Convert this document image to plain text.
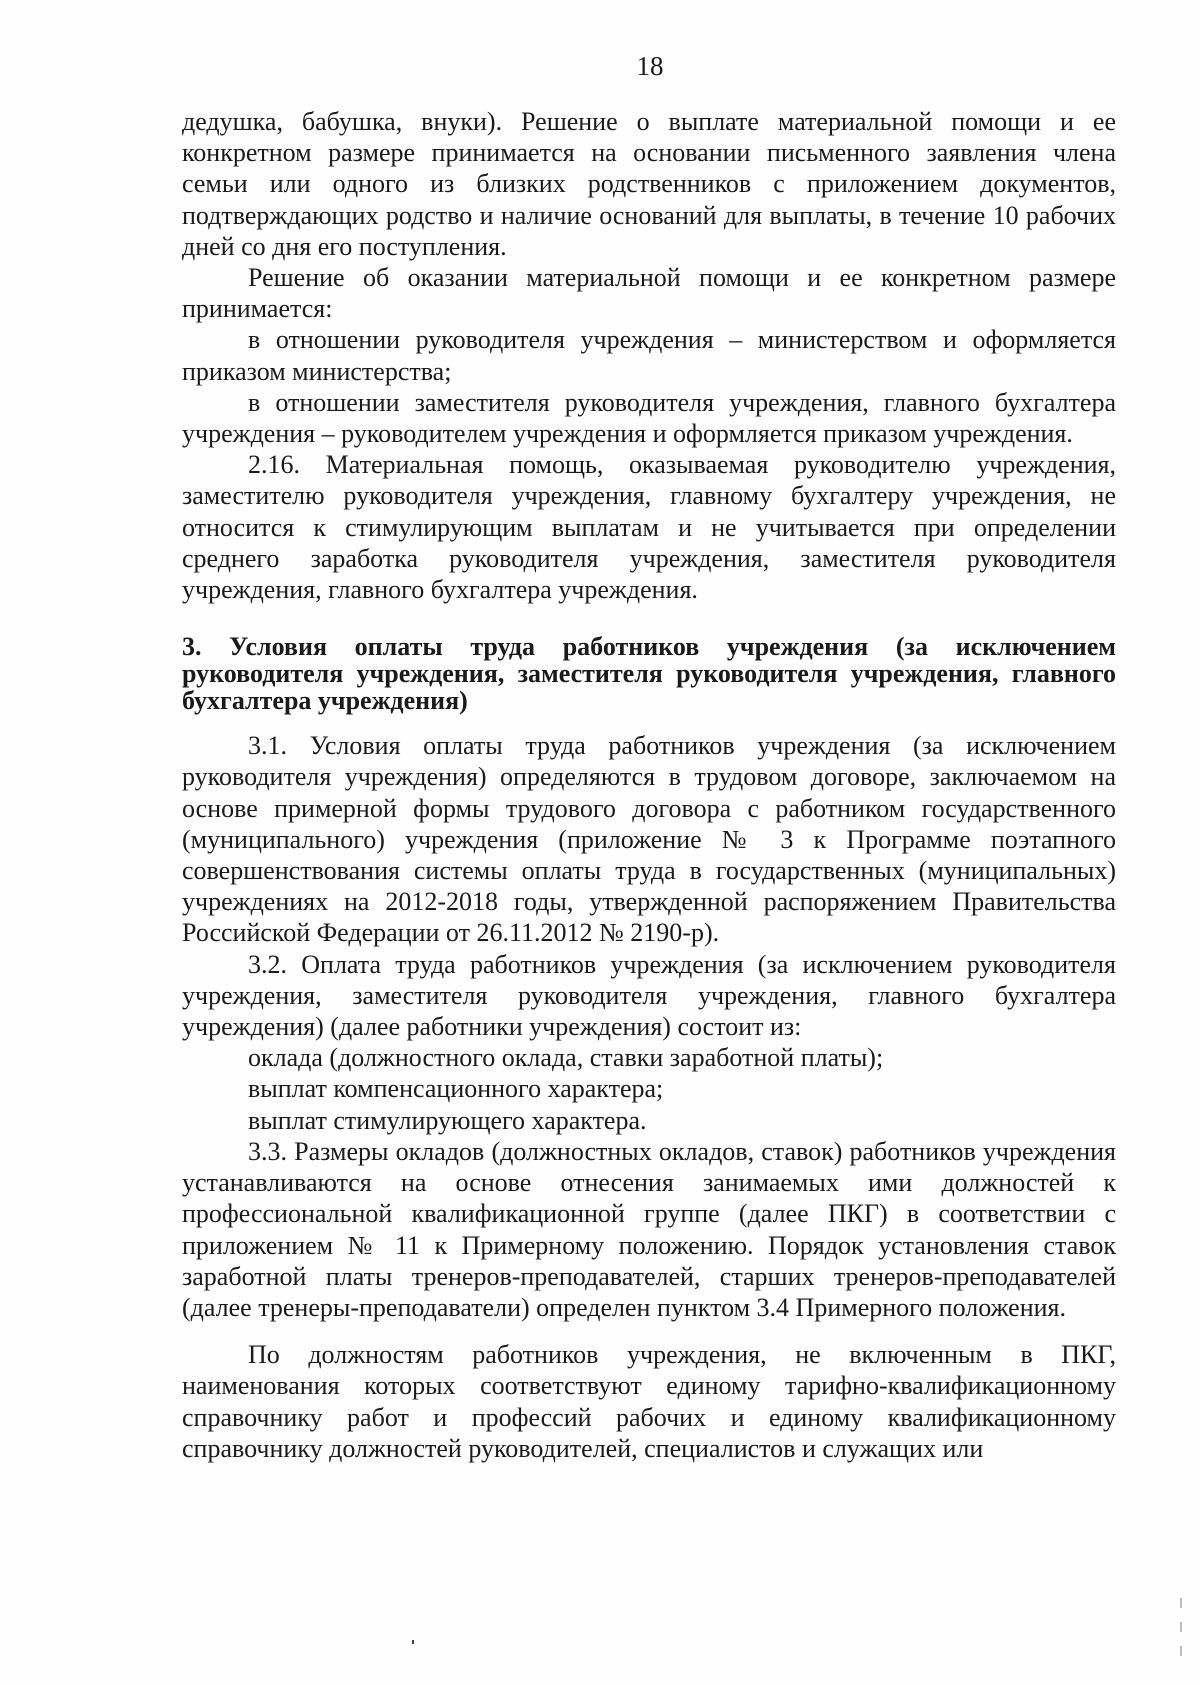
18

дедушка, бабушка, внуки). Решение о выплате материальной помощи и ее конкретном размере принимается на основании письменного заявления члена семьи или одного из близких родственников с приложением документов, подтверждающих родство и наличие оснований для выплаты, в течение 10 рабочих дней со дня его поступления.

Решение об оказании материальной помощи и ее конкретном размере принимается:

в отношении руководителя учреждения – министерством и оформляется приказом министерства;

в отношении заместителя руководителя учреждения, главного бухгалтера учреждения – руководителем учреждения и оформляется приказом учреждения.

2.16. Материальная помощь, оказываемая руководителю учреждения, заместителю руководителя учреждения, главному бухгалтеру учреждения, не относится к стимулирующим выплатам и не учитывается при определении среднего заработка руководителя учреждения, заместителя руководителя учреждения, главного бухгалтера учреждения.

3. Условия оплаты труда работников учреждения (за исключением руководителя учреждения, заместителя руководителя учреждения, главного бухгалтера учреждения)

3.1. Условия оплаты труда работников учреждения (за исключением руководителя учреждения) определяются в трудовом договоре, заключаемом на основе примерной формы трудового договора с работником государственного (муниципального) учреждения (приложение № 3 к Программе поэтапного совершенствования системы оплаты труда в государственных (муниципальных) учреждениях на 2012-2018 годы, утвержденной распоряжением Правительства Российской Федерации от 26.11.2012 № 2190-р).

3.2. Оплата труда работников учреждения (за исключением руководителя учреждения, заместителя руководителя учреждения, главного бухгалтера учреждения) (далее работники учреждения) состоит из:

оклада (должностного оклада, ставки заработной платы);

выплат компенсационного характера;

выплат стимулирующего характера.

3.3. Размеры окладов (должностных окладов, ставок) работников учреждения устанавливаются на основе отнесения занимаемых ими должностей к профессиональной квалификационной группе (далее ПКГ) в соответствии с приложением № 11 к Примерному положению. Порядок установления ставок заработной платы тренеров-преподавателей, старших тренеров-преподавателей (далее тренеры-преподаватели) определен пунктом 3.4 Примерного положения.

По должностям работников учреждения, не включенным в ПКГ, наименования которых соответствуют единому тарифно-квалификационному справочнику работ и профессий рабочих и единому квалификационному справочнику должностей руководителей, специалистов и служащих или
